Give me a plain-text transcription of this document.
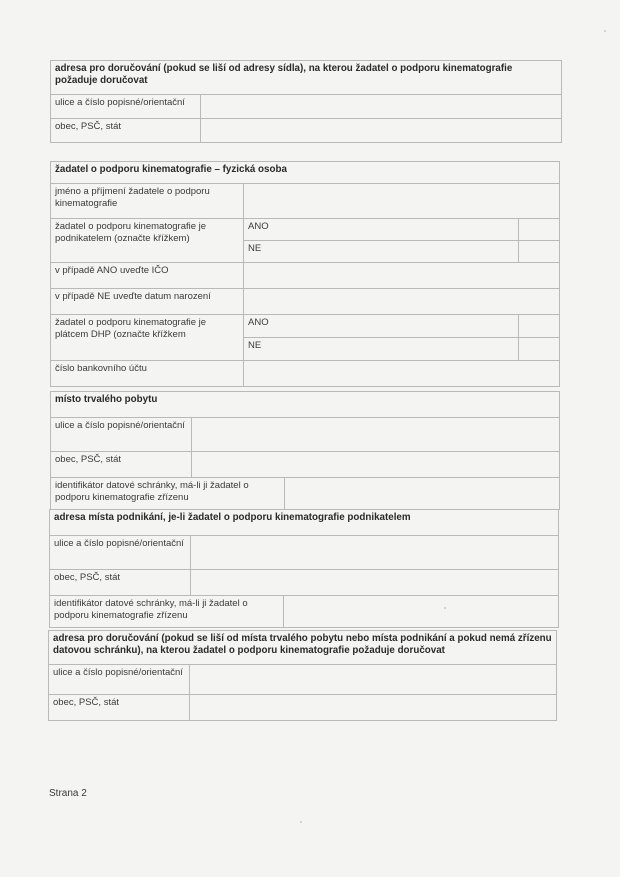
adresa pro doručování (pokud se liší od adresy sídla), na kterou žadatel o podporu kinematografie požaduje doručovat	
ulice a číslo popisné/orientační	
obec, PSČ, stát	
žadatel o podporu kinematografie – fyzická osoba		
jméno a příjmení žadatele o podporu kinematografie		
žadatel o podporu kinematografie je podnikatelem (označte křížkem)	ANO	
	NE	
v případě ANO uveďte IČO		
v případě NE uveďte datum narození		
žadatel o podporu kinematografie je plátcem DHP (označte křížkem	ANO	
	NE	
číslo bankovního účtu		
místo trvalého pobytu		
ulice a číslo popisné/orientační		
obec, PSČ, stát		
identifikátor datové schránky, má-li ji žadatel o podporu kinematografie zřízenu		
adresa místa podnikání, je-li žadatel o podporu kinematografie podnikatelem		
ulice a číslo popisné/orientační		
obec, PSČ, stát		
identifikátor datové schránky, má-li ji žadatel o podporu kinematografie zřízenu		
adresa pro doručování (pokud se liší od místa trvalého pobytu nebo místa podnikání a pokud nemá zřízenu datovou schránku), na kterou žadatel o podporu kinematografie požaduje doručovat	
ulice a číslo popisné/orientační	
obec, PSČ, stát	
Strana 2
